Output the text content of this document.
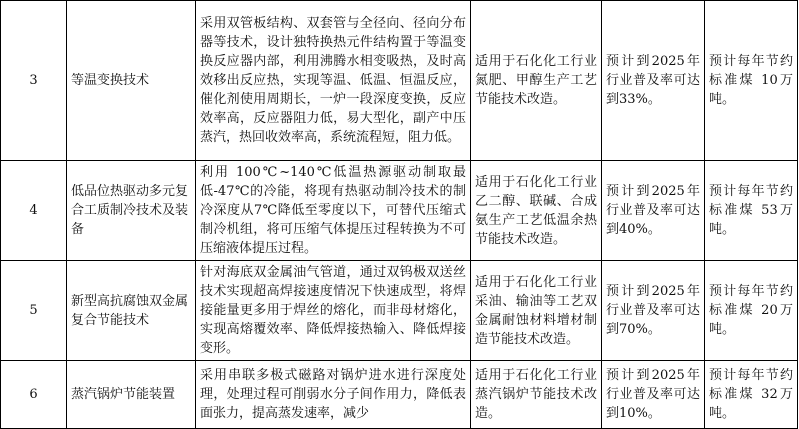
3	等温变换技术	采用双管板结构、双套管与全径向、径向分布器等技术，设计独特换热元件结构置于等温变换反应器内部，利用沸腾水相变吸热，及时高效移出反应热，实现等温、低温、恒温反应，催化剂使用周期长，一炉一段深度变换，反应效率高，反应器阻力低，易大型化，副产中压蒸汽，热回收效率高，系统流程短，阻力低。	适用于石化化工行业氮肥、甲醇生产工艺节能技术改造。	预计到2025年行业普及率可达到33%。	预计每年节约标准煤 10万吨。
4	低品位热驱动多元复合工质制冷技术及装备	利用 100℃~140℃低温热源驱动制取最低-47℃的冷能，将现有热驱动制冷技术的制冷深度从7℃降低至零度以下，可替代压缩式制冷机组，将可压缩气体提压过程转换为不可压缩液体提压过程。	适用于石化化工行业乙二醇、联碱、合成氨生产工艺低温余热节能技术改造。	预计到2025年行业普及率可达到40%。	预计每年节约标准煤 53万吨。
5	新型高抗腐蚀双金属复合节能技术	针对海底双金属油气管道，通过双钨极双送丝技术实现超高焊接速度情况下快速成型，将焊接能量更多用于焊丝的熔化，而非母材熔化，实现高熔覆效率、降低焊接热输入、降低焊接变形。	适用于石化化工行业采油、输油等工艺双金属耐蚀材料增材制造节能技术改造。	预计到2025年行业普及率可达到70%。	预计每年节约标准煤 20万吨。
6	蒸汽锅炉节能装置	采用串联多极式磁路对锅炉进水进行深度处理，处理过程可削弱水分子间作用力，降低表面张力，提高蒸发速率，减少	适用于石化化工行业蒸汽锅炉节能技术改造。	预计到2025年行业普及率可达到10%。	预计每年节约标准煤 32万吨。
